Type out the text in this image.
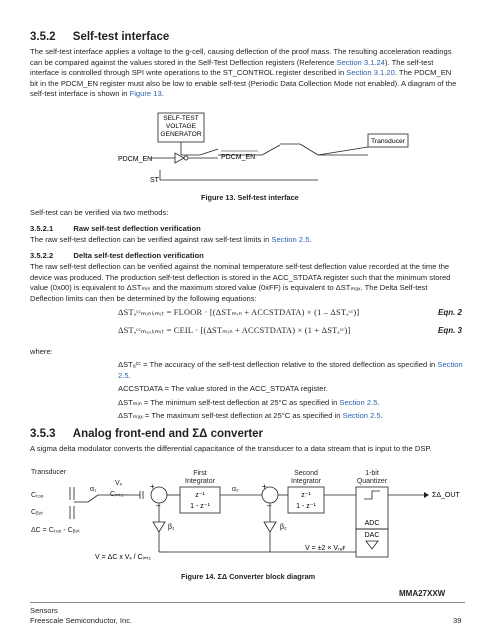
3.5.2 Self-test interface
The self-test interface applies a voltage to the g-cell, causing deflection of the proof mass. The resulting acceleration readings
can be compared against the values stored in the Self-Test Deflection registers (Reference Section 3.1.24). The self-test
interface is controlled through SPI write operations to the ST_CONTROL register described in Section 3.1.20. The PDCM_EN
bit in the PDCM_EN register must also be low to enable self-test (Periodic Data Collection Mode not enabled). A diagram of the
self-test interface is shown in Figure 13.
SELF-TEST
VOLTAGE
GENERATOR
Transducer
PDCM_EN	PDCM_EN
ST
Figure 13. Self-test interface
Self-test can be verified via two methods:
3.5.2.1	Raw self-test deflection verification
The raw self-test deflection can be verified against raw self-test limits in Section 2.5.
3.5.2.2	Delta self-test deflection verification
The raw self-test deflection can be verified against the nominal temperature self-test deflection value recorded at the time the
device was produced. The production self-test deflection is stored in the ACC_STDATA register such that the minimum stored
value (0x00) is equivalent to ΔSTₘᵢₙ and the maximum stored value (0xFF) is equivalent to ΔSTₘₐₓ. The Delta Self-test
Deflection limits can then be determined by the following equations:
ΔSTₐᶜᶜₘᵢₙₗᵢₘᵢₜ = FLOOR · [(ΔSTₘᵢₙ + ACCSTDATA) × (1 – ΔSTₐᶜᶜ)]	Eqn. 2
ΔSTₐᶜᶜₘₐₓₗᵢₘᵢₜ = CEIL · [(ΔSTₘᵢₙ + ACCSTDATA) × (1 + ΔSTₐᶜᶜ)]	Eqn. 3
where:
ΔSTₐᶜᶜ = The accuracy of the self-test deflection relative to the stored deflection as specified in Section 2.5.
ACCSTDATA = The value stored in the ACC_STDATA register.
ΔSTₘᵢₙ = The minimum self-test deflection at 25°C as specified in Section 2.5.
ΔSTₘₐₓ = The maximum self-test deflection at 25°C as specified in Section 2.5.
3.5.3 Analog front-end and ΣΔ converter
A sigma delta modulator converts the differential capacitance of the transducer to a data stream that is input to the DSP.
Transducer
Cₜₒₚ
Cᵦₒₜ
ΔC = Cₜₒₚ - Cᵦₒₜ
α₁
Vₓ
Cᵢₙₜ₁
First
Integrator
α₂
Second
Integrator
1-bit
Quantizer
+
–
z⁻¹
1 - z⁻¹
+
–
z⁻¹
1 - z⁻¹
ADC
ΣΔ_OUT
DAC
V = ±2 × Vᵣₑꜰ
β₁	β₂
V = ΔC x Vₓ / Cᵢₙₜ₁
Figure 14. ΣΔ Converter block diagram
MMA27XXW
Sensors
Freescale Semiconductor, Inc.	39
